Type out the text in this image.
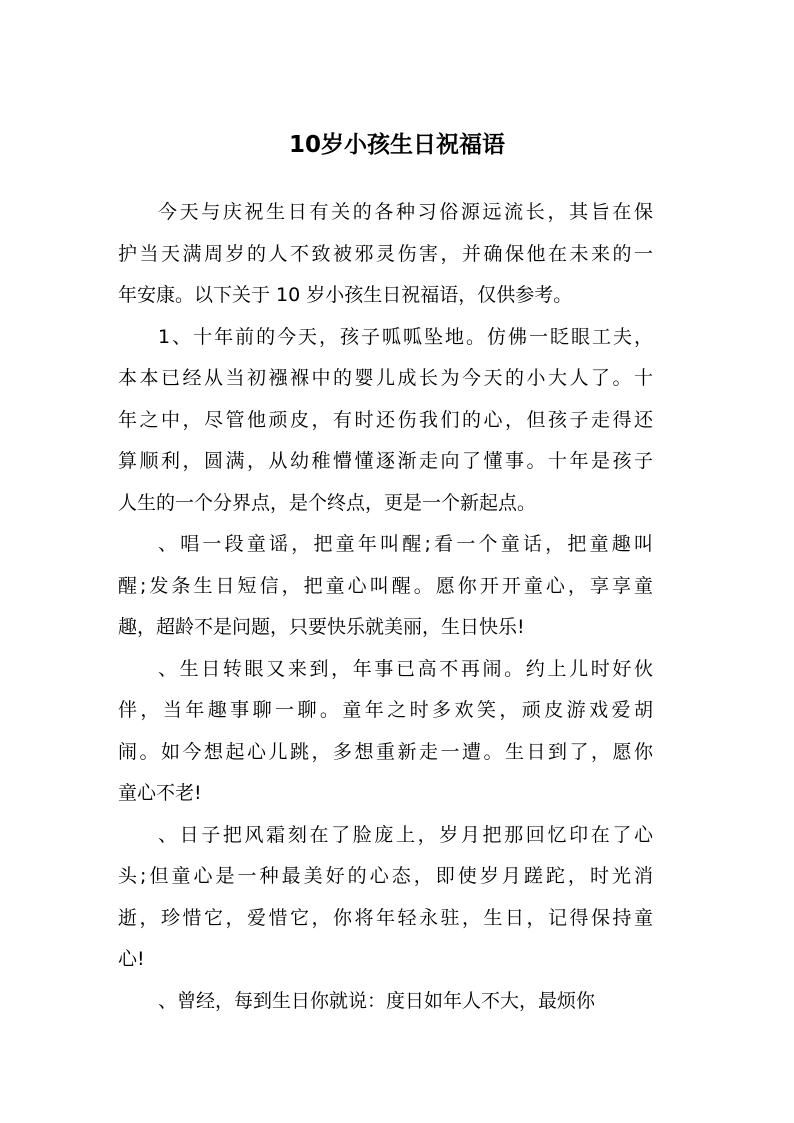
10岁小孩生日祝福语
今天与庆祝生日有关的各种习俗源远流长，其旨在保
护当天满周岁的人不致被邪灵伤害，并确保他在未来的一
年安康。以下关于 10 岁小孩生日祝福语，仅供参考。
1、十年前的今天，孩子呱呱坠地。仿佛一眨眼工夫，
本本已经从当初襁褓中的婴儿成长为今天的小大人了。十
年之中，尽管他顽皮，有时还伤我们的心，但孩子走得还
算顺利，圆满，从幼稚懵懂逐渐走向了懂事。十年是孩子
人生的一个分界点，是个终点，更是一个新起点。
、唱一段童谣，把童年叫醒;看一个童话，把童趣叫
醒;发条生日短信，把童心叫醒。愿你开开童心，享享童
趣，超龄不是问题，只要快乐就美丽，生日快乐!
、生日转眼又来到，年事已高不再闹。约上儿时好伙
伴，当年趣事聊一聊。童年之时多欢笑，顽皮游戏爱胡
闹。如今想起心儿跳，多想重新走一遭。生日到了，愿你
童心不老!
、日子把风霜刻在了脸庞上，岁月把那回忆印在了心
头;但童心是一种最美好的心态，即使岁月蹉跎，时光消
逝，珍惜它，爱惜它，你将年轻永驻，生日，记得保持童
心!
、曾经，每到生日你就说：度日如年人不大，最烦你
